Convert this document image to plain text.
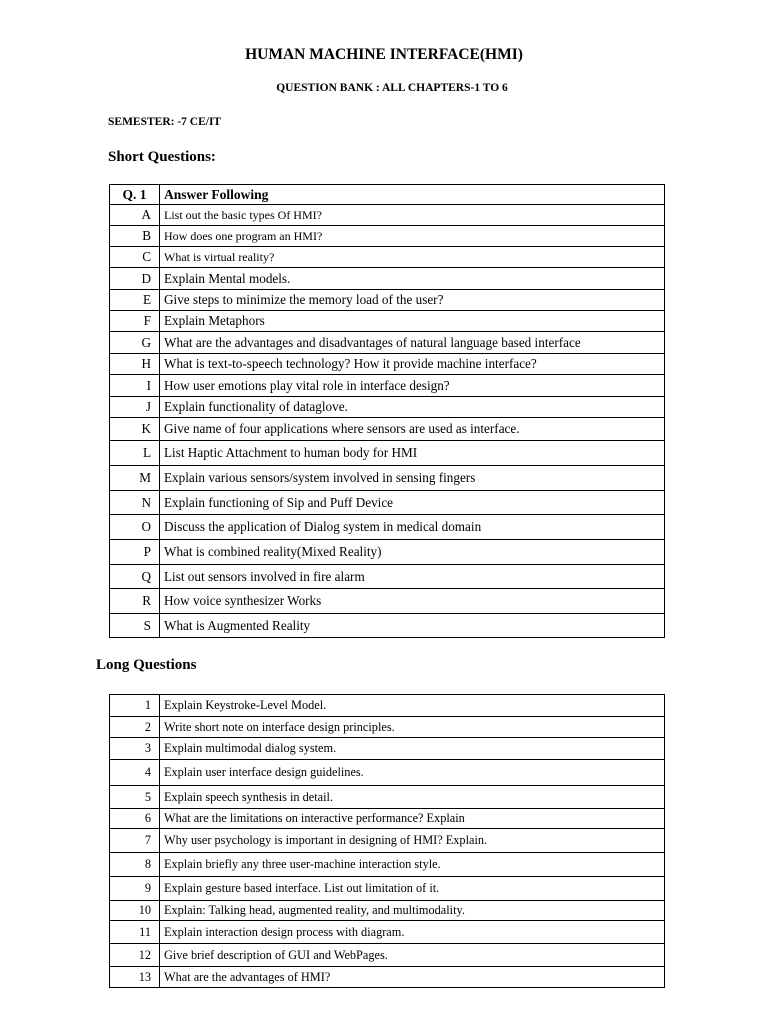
HUMAN MACHINE INTERFACE(HMI)
QUESTION BANK : ALL CHAPTERS-1 TO 6
SEMESTER: -7 CE/IT
Short Questions:
Q. 1	Answer Following
A	List out the basic types Of HMI?
B	How does one program an HMI?
C	What is virtual reality?
D	Explain Mental models.
E	Give steps to minimize the memory load of the user?
F	Explain Metaphors
G	What are the advantages and disadvantages of natural language based interface
H	What is text-to-speech technology? How it provide machine interface?
I	How user emotions play vital role in interface design?
J	Explain functionality of dataglove.
K	Give name of four applications where sensors are used as interface.
L	List Haptic Attachment to human body for HMI
M	Explain various sensors/system involved in sensing fingers
N	Explain functioning of Sip and Puff Device
O	Discuss the application of Dialog system in medical domain
P	What is combined reality(Mixed Reality)
Q	List out sensors involved in fire alarm
R	How voice synthesizer Works
S	What is Augmented Reality
Long Questions
1	Explain Keystroke-Level Model.
2	Write short note on interface design principles.
3	Explain multimodal dialog system.
4	Explain user interface design guidelines.
5	Explain speech synthesis in detail.
6	What are the limitations on interactive performance? Explain
7	Why user psychology is important in designing of HMI? Explain.
8	Explain briefly any three user-machine interaction style.
9	Explain gesture based interface. List out limitation of it.
10	Explain: Talking head, augmented reality, and multimodality.
11	Explain interaction design process with diagram.
12	Give brief description of GUI and WebPages.
13	What are the advantages of HMI?
